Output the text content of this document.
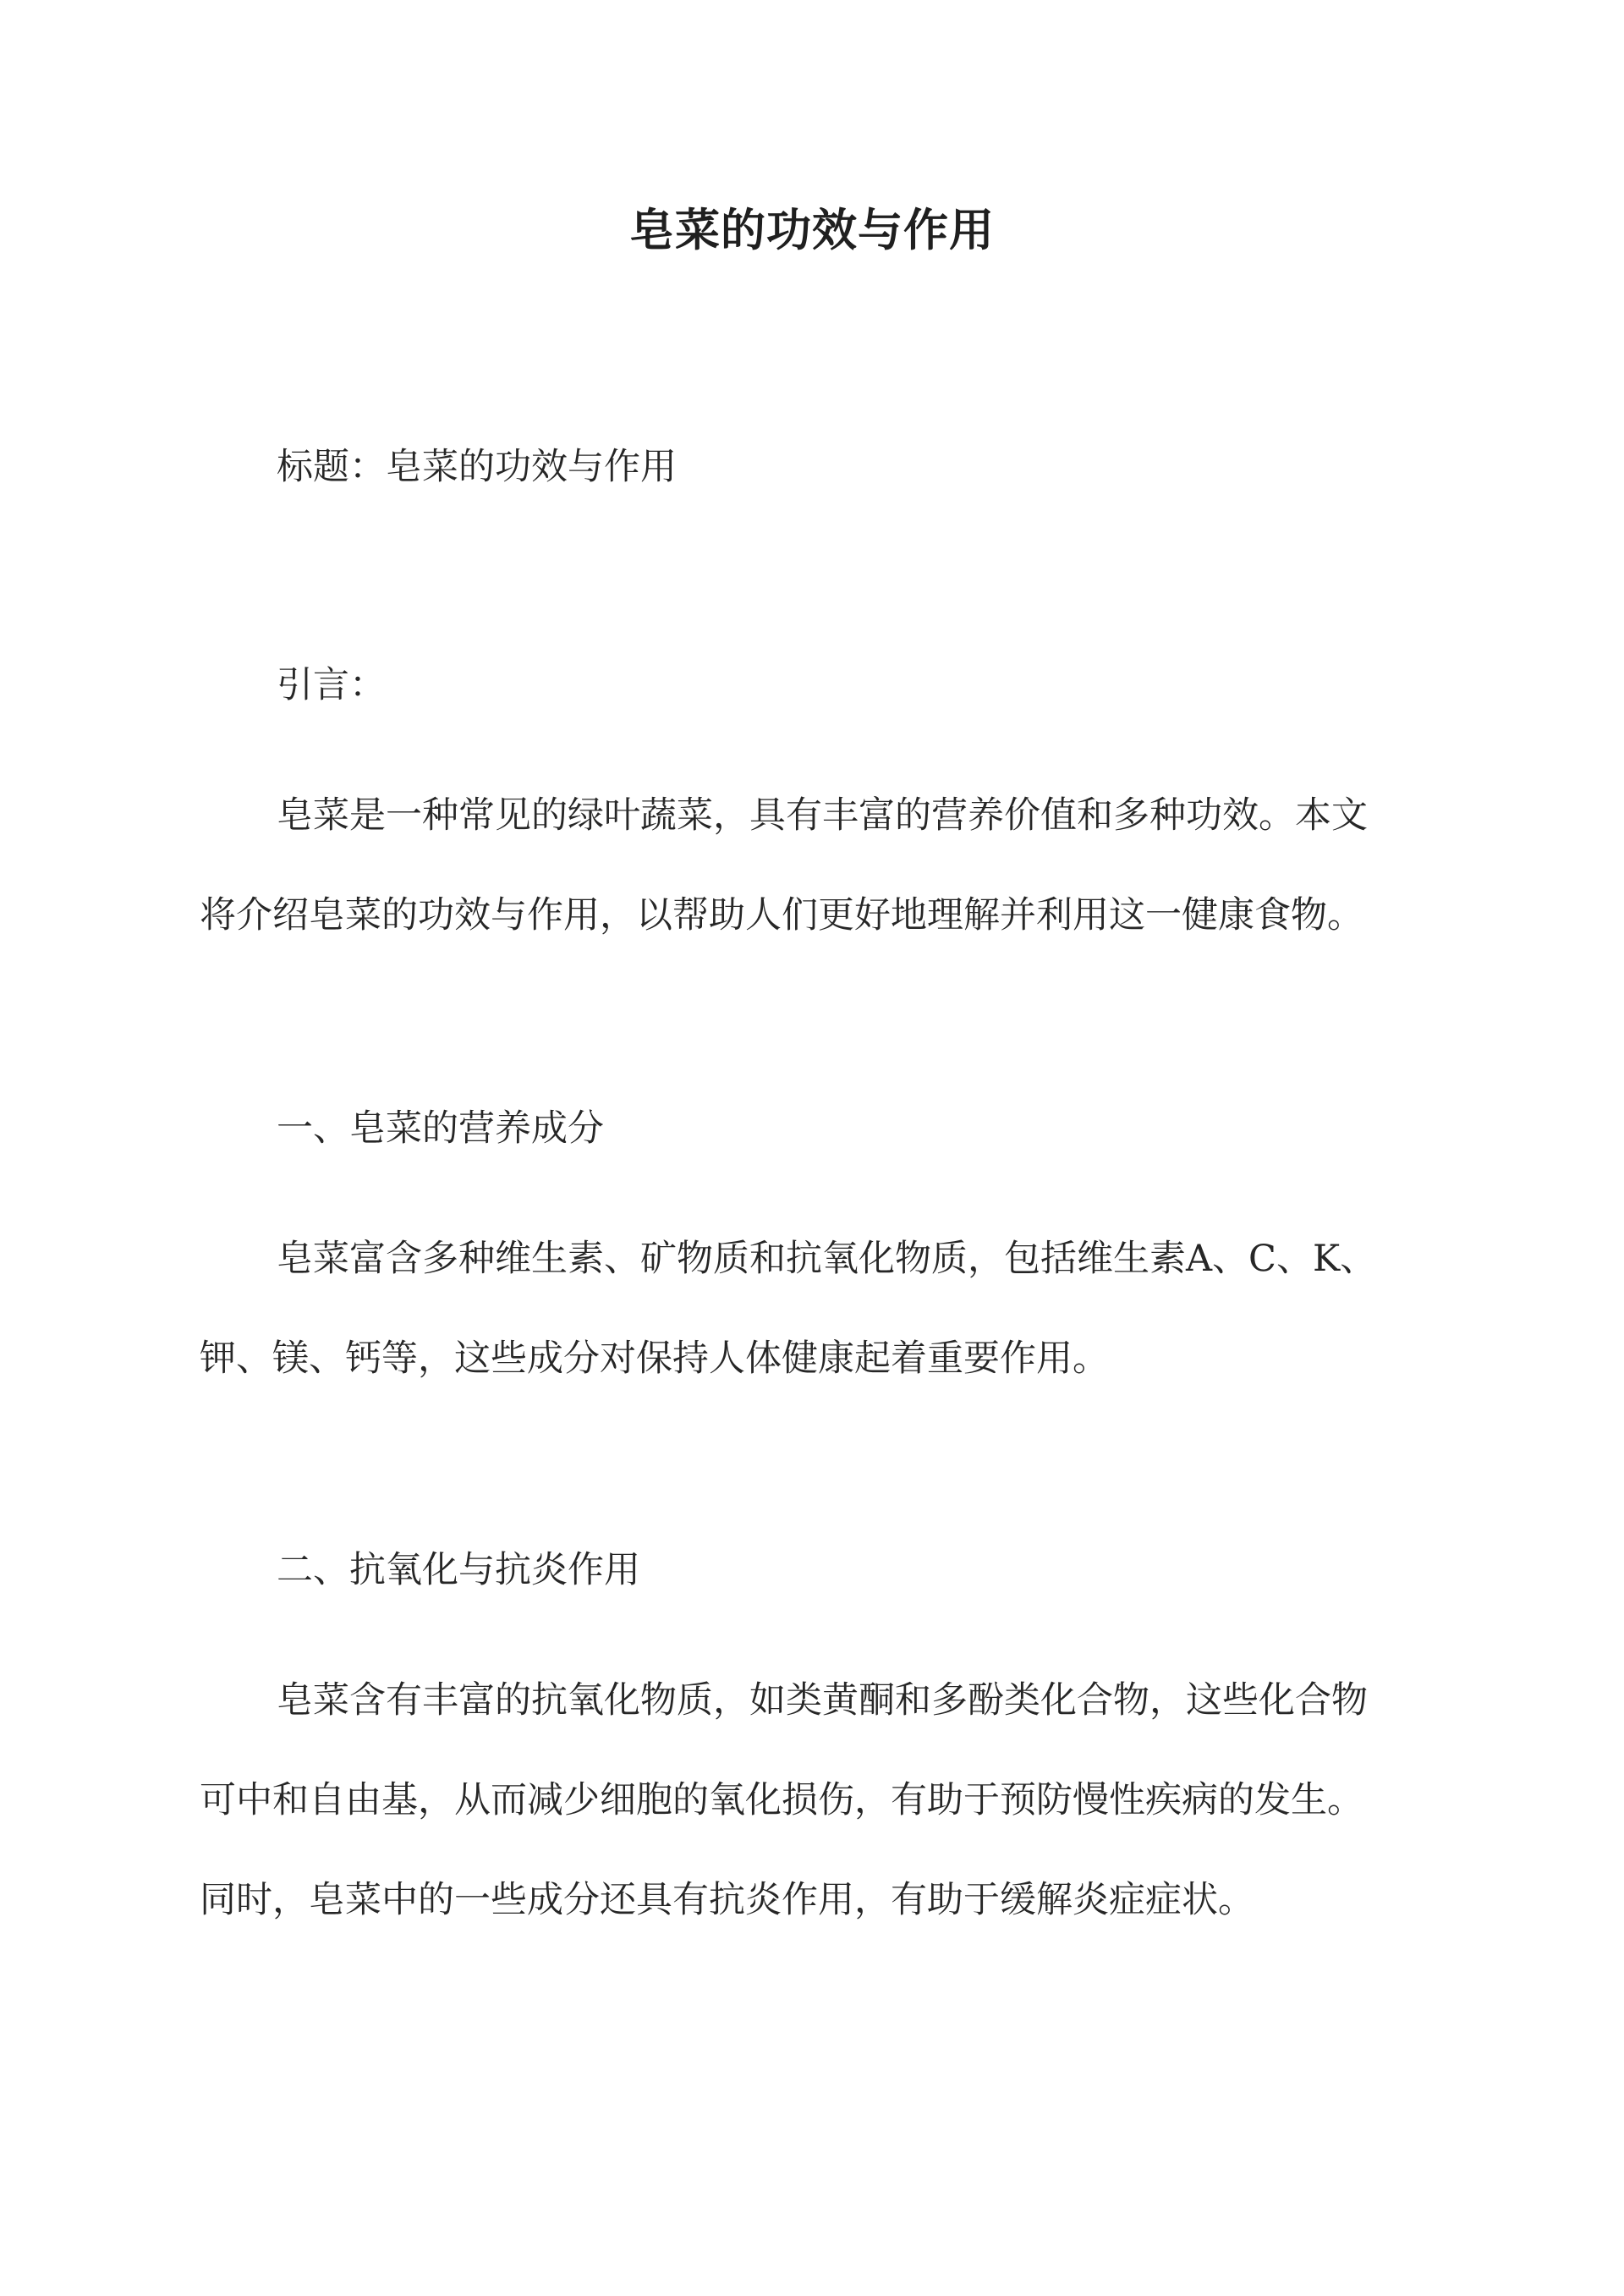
皂菜的功效与作用

标题：皂菜的功效与作用

引言：

皂菜是一种常见的绿叶蔬菜，具有丰富的营养价值和多种功效。本文

将介绍皂菜的功效与作用，以帮助人们更好地理解并利用这一健康食物。

一、皂菜的营养成分

皂菜富含多种维生素、矿物质和抗氧化物质，包括维生素A、C、K、

钾、镁、钙等，这些成分对保持人体健康起着重要作用。

二、抗氧化与抗炎作用

皂菜含有丰富的抗氧化物质，如类黄酮和多酚类化合物，这些化合物

可中和自由基，从而减少细胞的氧化损伤，有助于预防慢性疾病的发生。

同时，皂菜中的一些成分还具有抗炎作用，有助于缓解炎症症状。
